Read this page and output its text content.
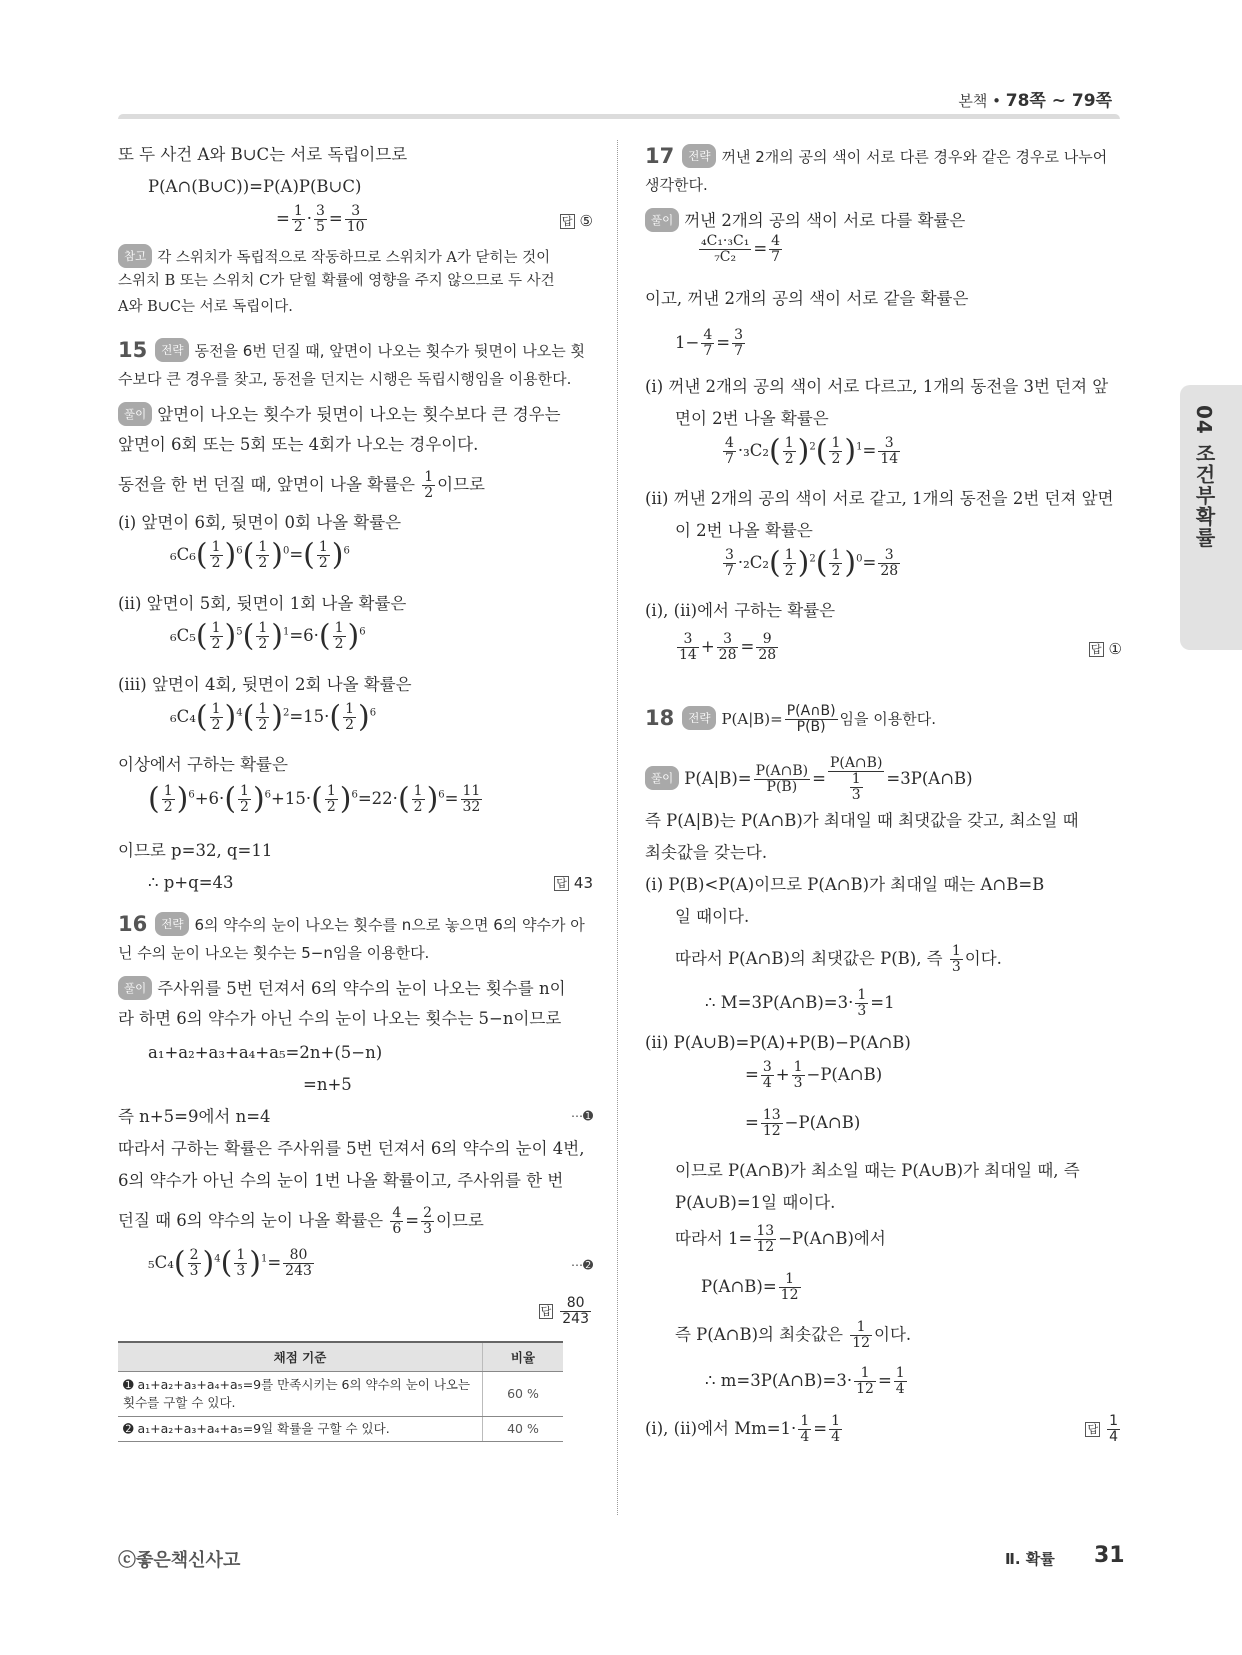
본책 • 78쪽 ~ 79쪽
또 두 사건 A와 B∪C는 서로 독립이므로
P(A∩(B∪C))=P(A)P(B∪C)
= $\frac{1}{2} \cdot \frac{3}{5} = \frac{3}{10}$	답 ⑤
참고 각 스위치가 독립적으로 작동하므로 스위치가 A가 닫히는 것이
스위치 B 또는 스위치 C가 닫힐 확률에 영향을 주지 않으므로 두 사건
A와 B∪C는 서로 독립이다.
15 전략 동전을 6번 던질 때, 앞면이 나오는 횟수가 뒷면이 나오는 횟
수보다 큰 경우를 찾고, 동전을 던지는 시행은 독립시행임을 이용한다.
풀이 앞면이 나오는 횟수가 뒷면이 나오는 횟수보다 큰 경우는
앞면이 6회 또는 5회 또는 4회가 나오는 경우이다.
동전을 한 번 던질 때, 앞면이 나올 확률은 $\frac{1}{2}$ 이므로
(ⅰ) 앞면이 6회, 뒷면이 0회 나올 확률은
$_6C_6( \frac{1}{2} )^6( \frac{1}{2} )^0=( \frac{1}{2} )^6$
(ⅱ) 앞면이 5회, 뒷면이 1회 나올 확률은
$_6C_5( \frac{1}{2} )^5( \frac{1}{2} )^1=6\cdot( \frac{1}{2} )^6$
(ⅲ) 앞면이 4회, 뒷면이 2회 나올 확률은
$_6C_4( \frac{1}{2} )^4( \frac{1}{2} )^2=15\cdot( \frac{1}{2} )^6$
이상에서 구하는 확률은
( $\frac{1}{2} )^6+6\cdot( \frac{1}{2} )^6+15\cdot( \frac{1}{2} )^6=22\cdot( \frac{1}{2} )^6= \frac{11}{32}$
이므로 p=32, q=11
∴ p+q=43	답 43
16 전략 6의 약수의 눈이 나오는 횟수를 n으로 놓으면 6의 약수가 아
닌 수의 눈이 나오는 횟수는 5−n임을 이용한다.
풀이 주사위를 5번 던져서 6의 약수의 눈이 나오는 횟수를 n이
라 하면 6의 약수가 아닌 수의 눈이 나오는 횟수는 5−n이므로
a₁+a₂+a₃+a₄+a₅=2n+(5−n)
=n+5
즉 n+5=9에서 n=4	⋯➊
따라서 구하는 확률은 주사위를 5번 던져서 6의 약수의 눈이 4번,
6의 약수가 아닌 수의 눈이 1번 나올 확률이고, 주사위를 한 번
던질 때 6의 약수의 눈이 나올 확률은 $\frac{4}{6} = \frac{2}{3}$ 이므로
$_5C_4( \frac{2}{3} )^4( \frac{1}{3} )^1= \frac{80}{243}$	⋯➋
답 $\frac{80}{243}$
채점 기준	비율
➊ a₁+a₂+a₃+a₄+a₅=9를 만족시키는 6의 약수의 눈이 나오는 횟수를 구할 수 있다.	60 %
➋ a₁+a₂+a₃+a₄+a₅=9일 확률을 구할 수 있다.	40 %
17 전략 꺼낸 2개의 공의 색이 서로 다른 경우와 같은 경우로 나누어
생각한다.
풀이 꺼낸 2개의 공의 색이 서로 다를 확률은
$\frac{\text{₄C₁·₃C₁}}{\text{₇C₂}} = \frac{4}{7}$
이고, 꺼낸 2개의 공의 색이 서로 같을 확률은
$1- \frac{4}{7} = \frac{3}{7}$
(ⅰ) 꺼낸 2개의 공의 색이 서로 다르고, 1개의 동전을 3번 던져 앞
면이 2번 나올 확률은
$\frac{4}{7} \cdot_3C_2( \frac{1}{2} )^2( \frac{1}{2} )^1= \frac{3}{14}$
(ⅱ) 꺼낸 2개의 공의 색이 서로 같고, 1개의 동전을 2번 던져 앞면
이 2번 나올 확률은
$\frac{3}{7} \cdot_2C_2( \frac{1}{2} )^2( \frac{1}{2} )^0= \frac{3}{28}$
(ⅰ), (ⅱ)에서 구하는 확률은
$\frac{3}{14} + \frac{3}{28} = \frac{9}{28}$	답 ①
18 전략 $P(A|B)= \frac{P(A\cap B)}{P(B)}$ 임을 이용한다.
풀이 $P(A|B)= \frac{P(A\cap B)}{P(B)} = \frac{P(A\cap B)}{\frac{1}{3}}$ =3P(A∩B)
즉 P(A|B)는 P(A∩B)가 최대일 때 최댓값을 갖고, 최소일 때
최솟값을 갖는다.
(ⅰ) P(B)<P(A)이므로 P(A∩B)가 최대일 때는 A∩B=B
일 때이다.
따라서 P(A∩B)의 최댓값은 P(B), 즉 $\frac{1}{3}$ 이다.
∴ M=3P(A∩B)=3· $\frac{1}{3} =1$
(ⅱ) P(A∪B)=P(A)+P(B)−P(A∩B)
= $\frac{3}{4} + \frac{1}{3}$ −P(A∩B)
= $\frac{13}{12}$ −P(A∩B)
이므로 P(A∩B)가 최소일 때는 P(A∪B)가 최대일 때, 즉
P(A∪B)=1일 때이다.
따라서 $1= \frac{13}{12}$ −P(A∩B)에서
P(A∩B)= $\frac{1}{12}$
즉 P(A∩B)의 최솟값은 $\frac{1}{12}$ 이다.
∴ m=3P(A∩B)=3· $\frac{1}{12} = \frac{1}{4}$
(ⅰ), (ⅱ)에서 $Mm=1\cdot \frac{1}{4} = \frac{1}{4}$	답 $\frac{1}{4}$
04 조건부확률
ⓒ좋은책신사고	Ⅱ. 확률 31
